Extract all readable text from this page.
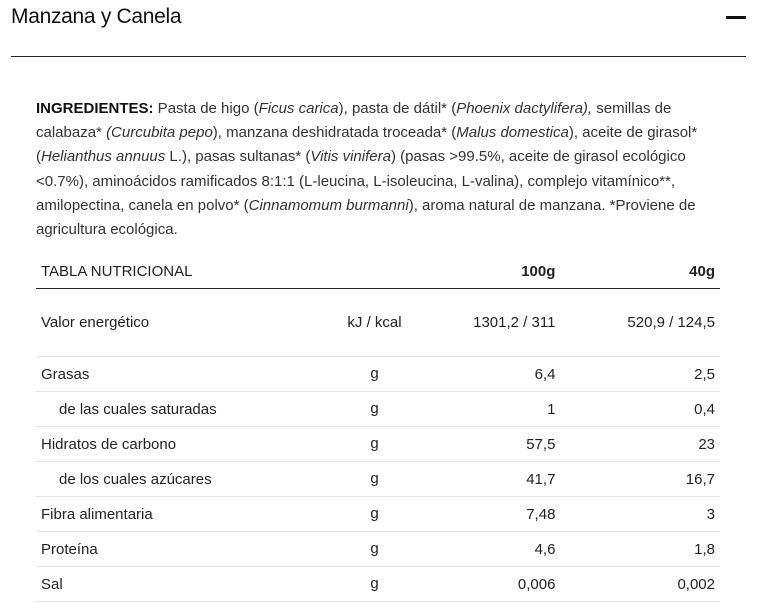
Manzana y Canela
INGREDIENTES: Pasta de higo (Ficus carica), pasta de dátil* (Phoenix dactylifera), semillas de calabaza* (Curcubita pepo), manzana deshidratada troceada* (Malus domestica), aceite de girasol* (Helianthus annuus L.), pasas sultanas* (Vitis vinifera) (pasas >99.5%, aceite de girasol ecológico <0.7%), aminoácidos ramificados 8:1:1 (L-leucina, L-isoleucina, L-valina), complejo vitamínico**, amilopectina, canela en polvo* (Cinnamomum burmanni), aroma natural de manzana. *Proviene de agricultura ecológica.
TABLA NUTRICIONAL		100g	40g
Valor energético	kJ / kcal	1301,2 / 311	520,9 / 124,5
Grasas	g	6,4	2,5
de las cuales saturadas	g	1	0,4
Hidratos de carbono	g	57,5	23
de los cuales azúcares	g	41,7	16,7
Fibra alimentaria	g	7,48	3
Proteína	g	4,6	1,8
Sal	g	0,006	0,002
